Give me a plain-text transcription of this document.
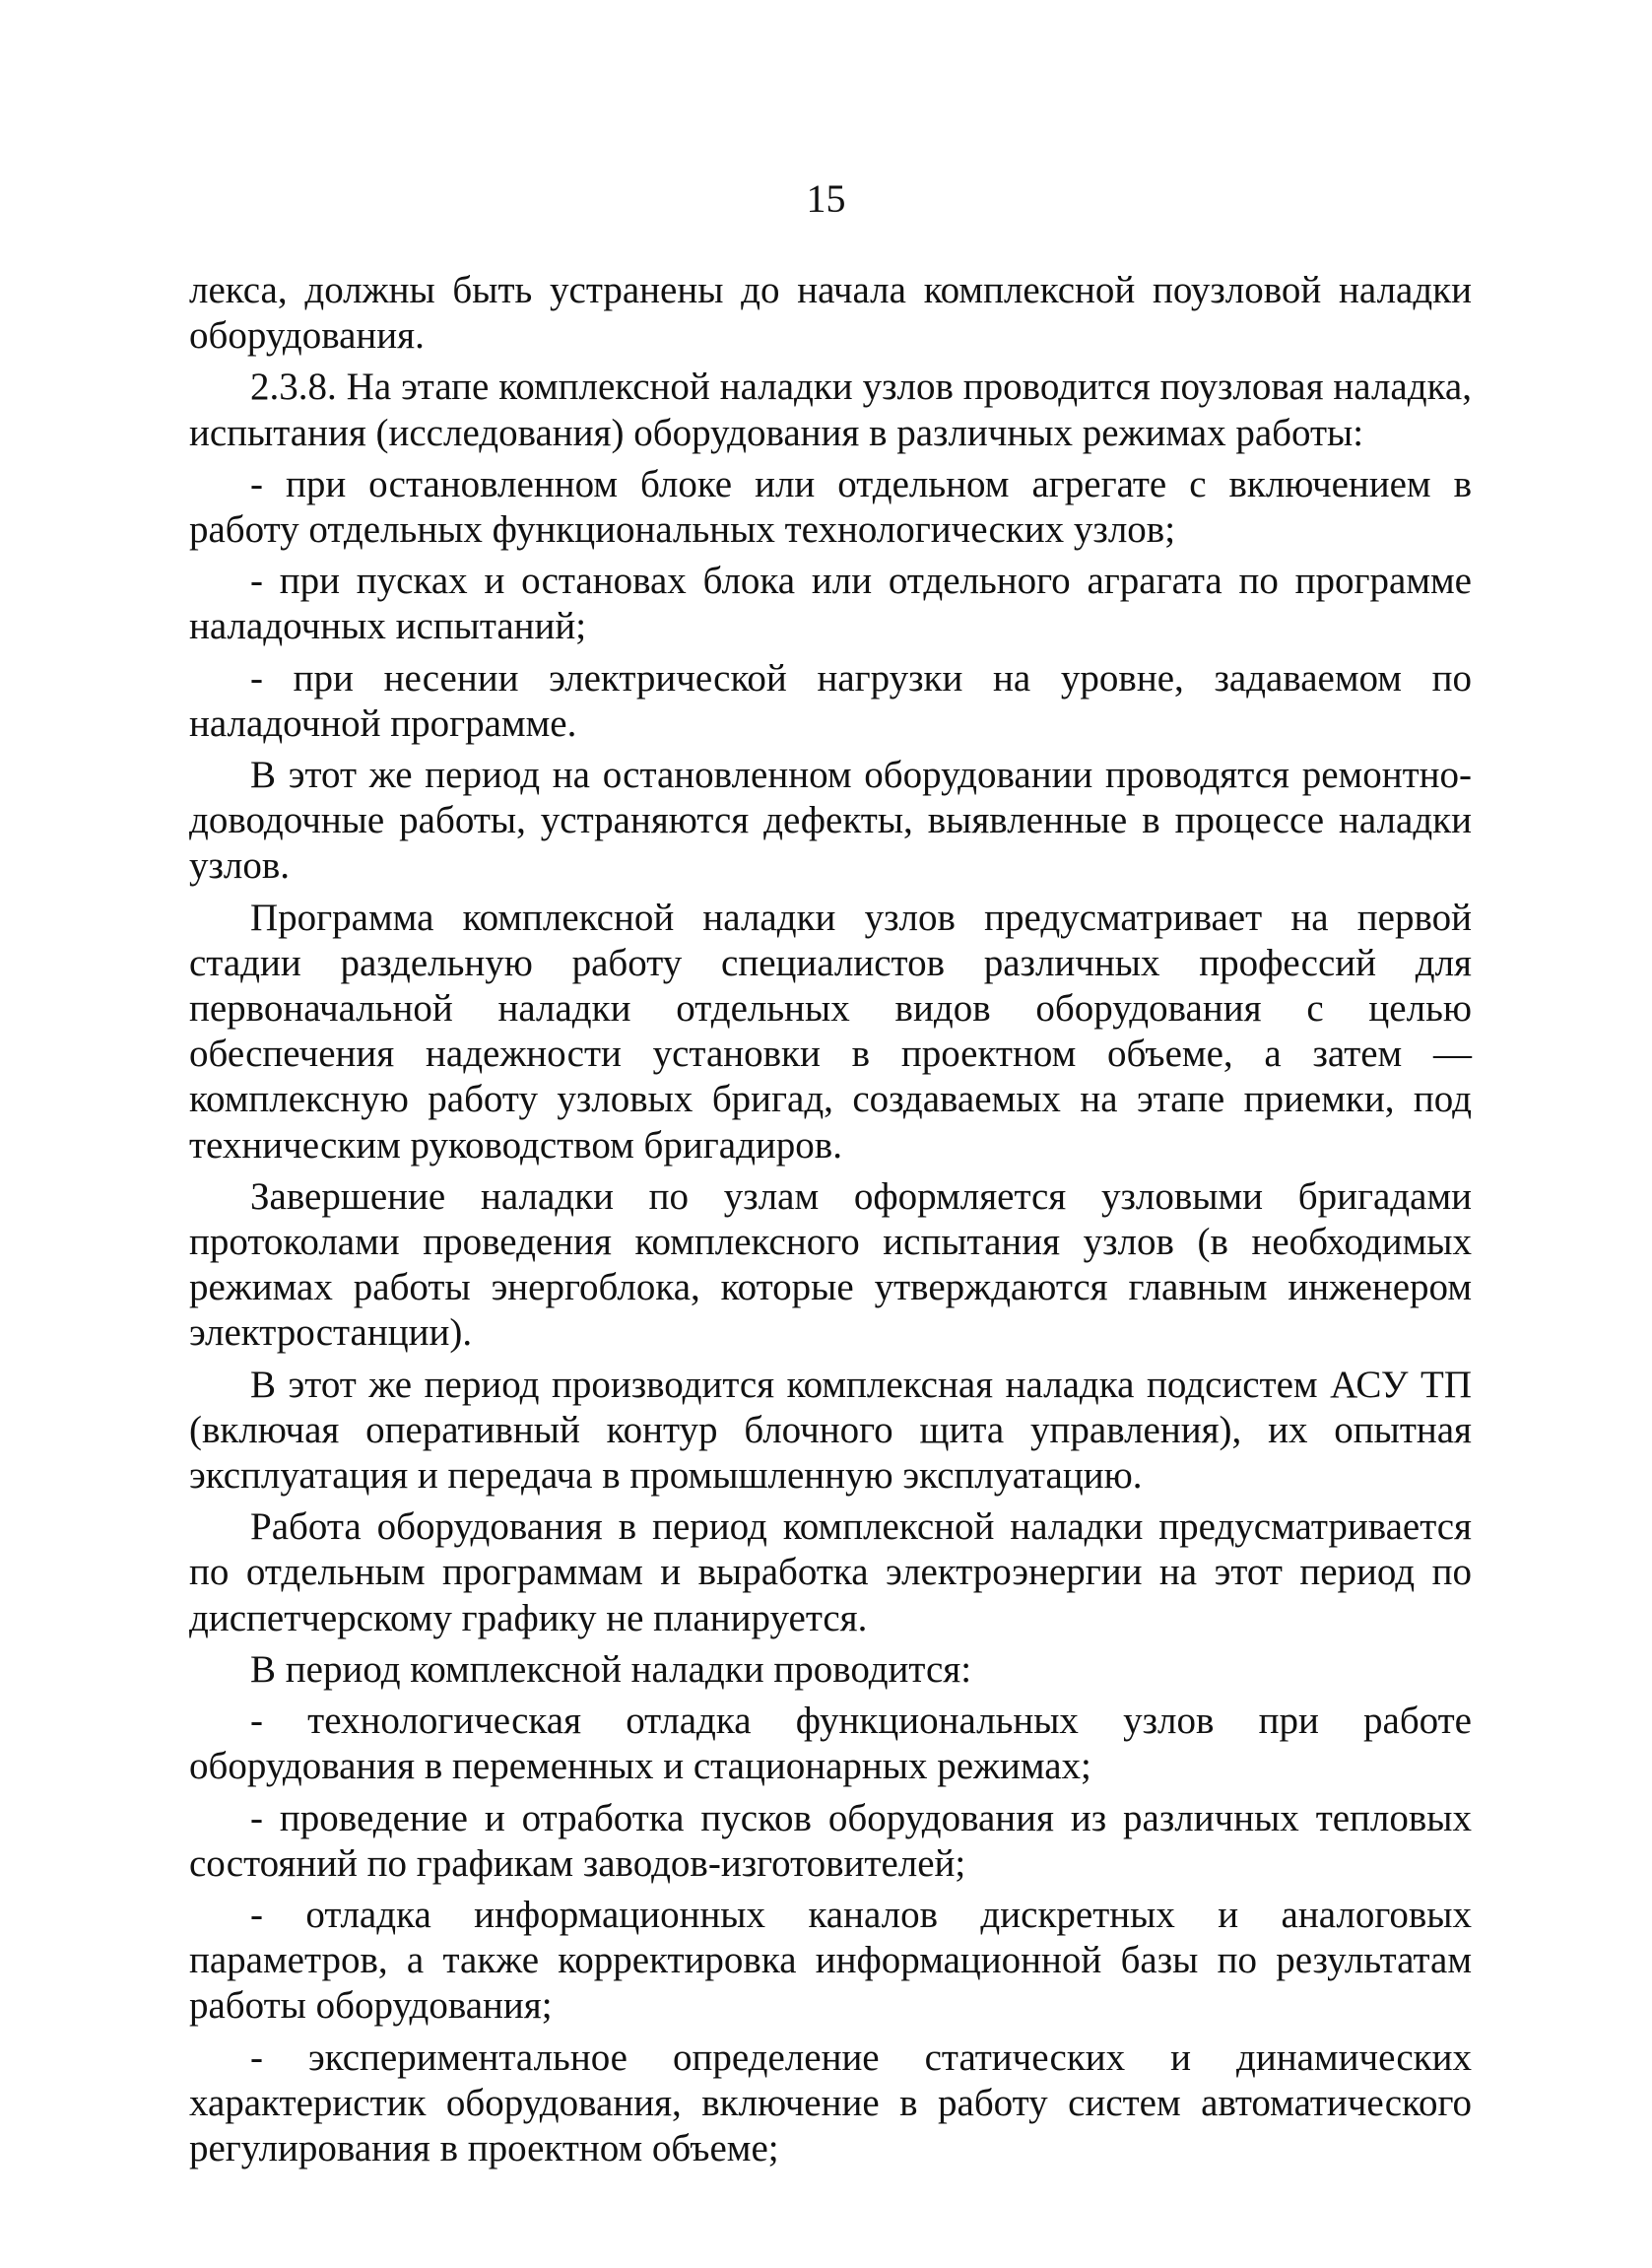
15

лекса, должны быть устранены до начала комплексной поузловой наладки оборудования.

2.3.8. На этапе комплексной наладки узлов проводится поузловая наладка, испытания (исследования) оборудования в различных режимах работы:

- при остановленном блоке или отдельном агрегате с включением в работу отдельных функциональных технологических узлов;

- при пусках и остановах блока или отдельного аграгата по программе наладочных испытаний;

- при несении электрической нагрузки на уровне, задаваемом по наладочной программе.

В этот же период на остановленном оборудовании проводятся ремонтно-доводочные работы, устраняются дефекты, выявленные в процессе наладки узлов.

Программа комплексной наладки узлов предусматривает на первой стадии раздельную работу специалистов различных профессий для первоначальной наладки отдельных видов оборудования с целью обеспечения надежности установки в проектном объеме, а затем — комплексную работу узловых бригад, создаваемых на этапе приемки, под техническим руководством бригадиров.

Завершение наладки по узлам оформляется узловыми бригадами протоколами проведения комплексного испытания узлов (в необходимых режимах работы энергоблока, которые утверждаются главным инженером электростанции).

В этот же период производится комплексная наладка подсистем АСУ ТП (включая оперативный контур блочного щита управления), их опытная эксплуатация и передача в промышленную эксплуатацию.

Работа оборудования в период комплексной наладки предусматривается по отдельным программам и выработка электроэнергии на этот период по диспетчерскому графику не планируется.

В период комплексной наладки проводится:

- технологическая отладка функциональных узлов при работе оборудования в переменных и стационарных режимах;

- проведение и отработка пусков оборудования из различных тепловых состояний по графикам заводов-изготовителей;

- отладка информационных каналов дискретных и аналоговых параметров, а также корректировка информационной базы по результатам работы оборудования;

- экспериментальное определение статических и динамических характеристик оборудования, включение в работу систем автоматического регулирования в проектном объеме;
